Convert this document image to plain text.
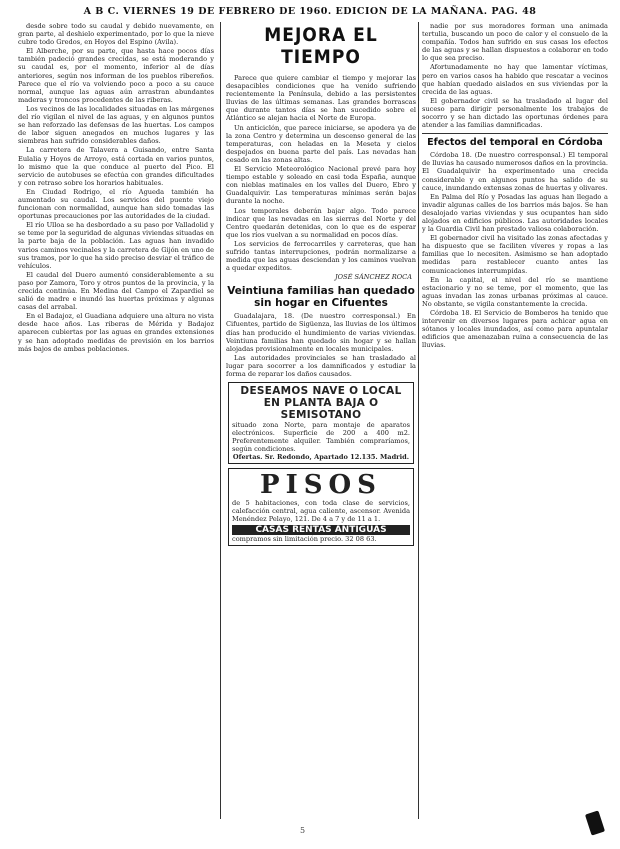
A B C. VIERNES 19 DE FEBRERO DE 1960. EDICION DE LA MAÑANA. PAG. 48

desde sobre todo su caudal y debido nuevamente, en gran parte, al deshielo experimentado, por lo que la nieve cubre todo Gredos, en Hoyos del Espino (Avila).

El Alberche, por su parte, que hasta hace pocos días también padeció grandes crecidas, se está moderando y su caudal es, por el momento, inferior al de días anteriores, según nos informan de los pueblos ribereños. Parece que el río va volviendo poco a poco a su cauce normal, aunque las aguas aún arrastran abundantes maderas y troncos procedentes de las riberas.

Los vecinos de las localidades situadas en las márgenes del río vigilan el nivel de las aguas, y en algunos puntos se han reforzado las defensas de las huertas. Los campos de labor siguen anegados en muchos lugares y las siembras han sufrido considerables daños.

La carretera de Talavera a Guisando, entre Santa Eulalia y Hoyos de Arroyo, está cortada en varios puntos, lo mismo que la que conduce al puerto del Pico. El servicio de autobuses se efectúa con grandes dificultades y con retraso sobre los horarios habituales.

En Ciudad Rodrigo, el río Agueda también ha aumentado su caudal. Los servicios del puente viejo funcionan con normalidad, aunque han sido tomadas las oportunas precauciones por las autoridades de la ciudad.

El río Ulloa se ha desbordado a su paso por Valladolid y se teme por la seguridad de algunas viviendas situadas en la parte baja de la población. Las aguas han invadido varios caminos vecinales y la carretera de Gijón en uno de sus tramos, por lo que ha sido preciso desviar el tráfico de vehículos.

El caudal del Duero aumentó considerablemente a su paso por Zamora, Toro y otros puntos de la provincia, y la crecida continúa. En Medina del Campo el Zapardiel se salió de madre e inundó las huertas próximas y algunas casas del arrabal.

En el Badajoz, el Guadiana adquiere una altura no vista desde hace años. Las riberas de Mérida y Badajoz aparecen cubiertas por las aguas en grandes extensiones y se han adoptado medidas de previsión en los barrios más bajos de ambas poblaciones.

MEJORA EL TIEMPO

Parece que quiere cambiar el tiempo y mejorar las desapacibles condiciones que ha venido sufriendo recientemente la Península, debido a las persistentes lluvias de las últimas semanas. Las grandes borrascas que durante tantos días se han sucedido sobre el Atlántico se alejan hacia el Norte de Europa.

Un anticiclón, que parece iniciarse, se apodera ya de la zona Centro y determina un descenso general de las temperaturas, con heladas en la Meseta y cielos despejados en buena parte del país. Las nevadas han cesado en las zonas altas.

El Servicio Meteorológico Nacional prevé para hoy tiempo estable y soleado en casi toda España, aunque con nieblas matinales en los valles del Duero, Ebro y Guadalquivir. Las temperaturas mínimas serán bajas durante la noche.

Los temporales deberán bajar algo. Todo parece indicar que las nevadas en las sierras del Norte y del Centro quedarán detenidas, con lo que es de esperar que los ríos vuelvan a su normalidad en pocos días.

Los servicios de ferrocarriles y carreteras, que han sufrido tantas interrupciones, podrán normalizarse a medida que las aguas desciendan y los caminos vuelvan a quedar expeditos.

JOSÉ SÁNCHEZ ROCA
Veintiuna familias han quedado sin hogar en Cifuentes

Guadalajara, 18. (De nuestro corresponsal.) En Cifuentes, partido de Sigüenza, las lluvias de los últimos días han producido el hundimiento de varias viviendas. Veintiuna familias han quedado sin hogar y se hallan alojadas provisionalmente en locales municipales.

Las autoridades provinciales se han trasladado al lugar para socorrer a los damnificados y estudiar la forma de reparar los daños causados.

DESEAMOS NAVE O LOCAL EN PLANTA BAJA O SEMISOTANO
situado zona Norte, para montaje de aparatos electrónicos. Superficie de 200 a 400 m2. Preferentemente alquiler. También compraríamos, según condiciones.
Ofertas. Sr. Redondo, Apartado 12.135. Madrid.
PISOS
de 5 habitaciones, con toda clase de servicios, calefacción central, agua caliente, ascensor. Avenida Menéndez Pelayo, 121. De 4 a 7 y de 11 a 1.
CASAS RENTAS ANTIGUAS
compramos sin limitación precio. 32 08 63.

nadie por sus moradores forman una animada tertulia, buscando un poco de calor y el consuelo de la compañía. Todos han sufrido en sus casas los efectos de las aguas y se hallan dispuestos a colaborar en todo lo que sea preciso.

Afortunadamente no hay que lamentar víctimas, pero en varios casos ha habido que rescatar a vecinos que habían quedado aislados en sus viviendas por la crecida de las aguas.

El gobernador civil se ha trasladado al lugar del suceso para dirigir personalmente los trabajos de socorro y se han dictado las oportunas órdenes para atender a las familias damnificadas.

Efectos del temporal en Córdoba

Córdoba 18. (De nuestro corresponsal.) El temporal de lluvias ha causado numerosos daños en la provincia. El Guadalquivir ha experimentado una crecida considerable y en algunos puntos ha salido de su cauce, inundando extensas zonas de huertas y olivares.

En Palma del Río y Posadas las aguas han llegado a invadir algunas calles de los barrios más bajos. Se han desalojado varias viviendas y sus ocupantes han sido alojados en edificios públicos. Las autoridades locales y la Guardia Civil han prestado valiosa colaboración.

El gobernador civil ha visitado las zonas afectadas y ha dispuesto que se faciliten víveres y ropas a las familias que lo necesiten. Asimismo se han adoptado medidas para restablecer cuanto antes las comunicaciones interrumpidas.

En la capital, el nivel del río se mantiene estacionario y no se teme, por el momento, que las aguas invadan las zonas urbanas próximas al cauce. No obstante, se vigila constantemente la crecida.

Córdoba 18. El Servicio de Bomberos ha tenido que intervenir en diversos lugares para achicar agua en sótanos y locales inundados, así como para apuntalar edificios que amenazaban ruina a consecuencia de las lluvias.

5
